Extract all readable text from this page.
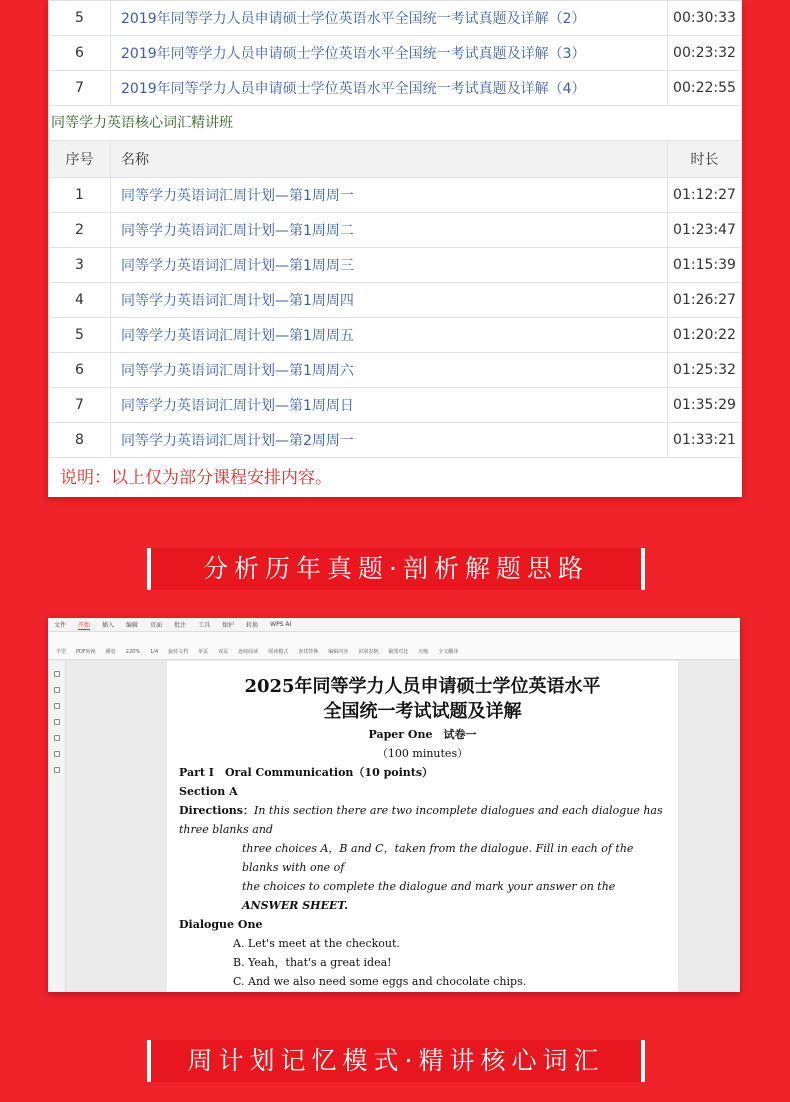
5	2019年同等学力人员申请硕士学位英语水平全国统一考试真题及详解（2）	00:30:33
6	2019年同等学力人员申请硕士学位英语水平全国统一考试真题及详解（3）	00:23:32
7	2019年同等学力人员申请硕士学位英语水平全国统一考试真题及详解（4）	00:22:55
同等学力英语核心词汇精讲班
序号	名称	时长
1	同等学力英语词汇周计划—第1周周一	01:12:27
2	同等学力英语词汇周计划—第1周周二	01:23:47
3	同等学力英语词汇周计划—第1周周三	01:15:39
4	同等学力英语词汇周计划—第1周周四	01:26:27
5	同等学力英语词汇周计划—第1周周五	01:20:22
6	同等学力英语词汇周计划—第1周周六	01:25:32
7	同等学力英语词汇周计划—第1周周日	01:35:29
8	同等学力英语词汇周计划—第2周周一	01:33:21
说明：以上仅为部分课程安排内容。
分析历年真题·剖析解题思路
文件 开始 插入 编辑 页面 批注 工具 保护 转换 WPS AI
手型 PDF转换 播放 220% 1/4 旋转文档 单页 双页 连续阅读 阅读模式 查找替换 编辑内容 识别表格 截图对比 压缩 全文翻译
2025年同等学力人员申请硕士学位英语水平
全国统一考试试题及详解
Paper One　试卷一
（100 minutes）
Part Ⅰ　Oral Communication（10 points）
Section A
Directions：In this section there are two incomplete dialogues and each dialogue has three blanks and
three choices A，B and C，taken from the dialogue. Fill in each of the blanks with one of
the choices to complete the dialogue and mark your answer on the ANSWER SHEET.
Dialogue One
A. Let's meet at the checkout.
B. Yeah，that's a great idea!
C. And we also need some eggs and chocolate chips.
周计划记忆模式·精讲核心词汇
